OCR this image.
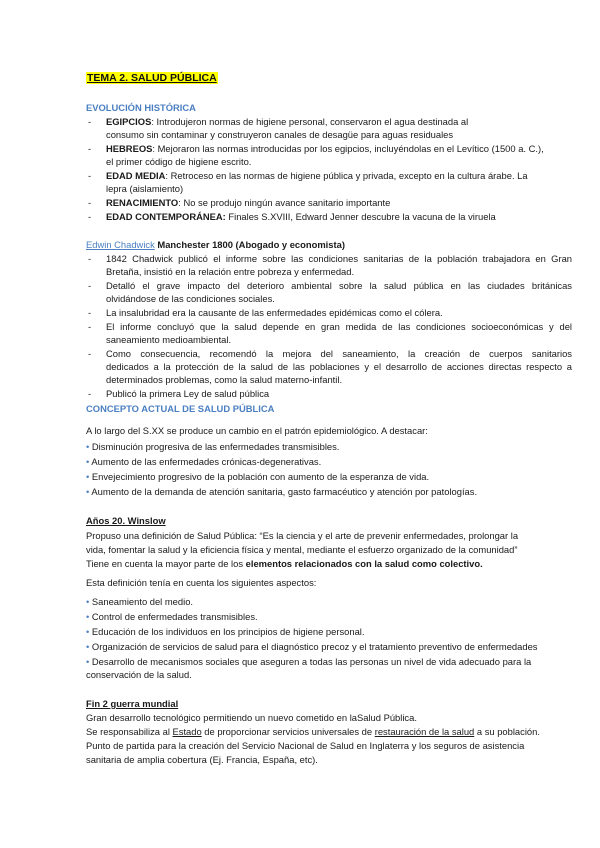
TEMA 2. SALUD PÚBLICA
EVOLUCIÓN HISTÓRICA
- EGIPCIOS: Introdujeron normas de higiene personal, conservaron el agua destinada al
consumo sin contaminar y construyeron canales de desagüe para aguas residuales
- HEBREOS: Mejoraron las normas introducidas por los egipcios, incluyéndolas en el Levítico (1500 a. C.),
el primer código de higiene escrito.
- EDAD MEDIA: Retroceso en las normas de higiene pública y privada, excepto en la cultura árabe. La
lepra (aislamiento)
- RENACIMIENTO: No se produjo ningún avance sanitario importante
- EDAD CONTEMPORÁNEA: Finales S.XVIII, Edward Jenner descubre la vacuna de la viruela
Edwin Chadwick Manchester 1800 (Abogado y economista)
- 1842 Chadwick publicó el informe sobre las condiciones sanitarias de la población trabajadora en Gran
Bretaña, insistió en la relación entre pobreza y enfermedad.
- Detalló el grave impacto del deterioro ambiental sobre la salud pública en las ciudades británicas
olvidándose de las condiciones sociales.
- La insalubridad era la causante de las enfermedades epidémicas como el cólera.
- El informe concluyó que la salud depende en gran medida de las condiciones socioeconómicas y del
saneamiento medioambiental.
- Como consecuencia, recomendó la mejora del saneamiento, la creación de cuerpos sanitarios
dedicados a la protección de la salud de las poblaciones y el desarrollo de acciones directas respecto a
determinados problemas, como la salud materno-infantil.
- Publicó la primera Ley de salud pública
CONCEPTO ACTUAL DE SALUD PÚBLICA
A lo largo del S.XX se produce un cambio en el patrón epidemiológico. A destacar:
• Disminución progresiva de las enfermedades transmisibles.
• Aumento de las enfermedades crónicas-degenerativas.
• Envejecimiento progresivo de la población con aumento de la esperanza de vida.
• Aumento de la demanda de atención sanitaria, gasto farmacéutico y atención por patologías.
Años 20. Winslow
Propuso una definición de Salud Pública: “Es la ciencia y el arte de prevenir enfermedades, prolongar la
vida, fomentar la salud y la eficiencia física y mental, mediante el esfuerzo organizado de la comunidad”
Tiene en cuenta la mayor parte de los elementos relacionados con la salud como colectivo.
Esta definición tenía en cuenta los siguientes aspectos:
• Saneamiento del medio.
• Control de enfermedades transmisibles.
• Educación de los individuos en los principios de higiene personal.
• Organización de servicios de salud para el diagnóstico precoz y el tratamiento preventivo de enfermedades
• Desarrollo de mecanismos sociales que aseguren a todas las personas un nivel de vida adecuado para la
conservación de la salud.
Fin 2 guerra mundial
Gran desarrollo tecnológico permitiendo un nuevo cometido en laSalud Pública.
Se responsabiliza al Estado de proporcionar servicios universales de restauración de la salud a su población.
Punto de partida para la creación del Servicio Nacional de Salud en Inglaterra y los seguros de asistencia
sanitaria de amplia cobertura (Ej. Francia, España, etc).
